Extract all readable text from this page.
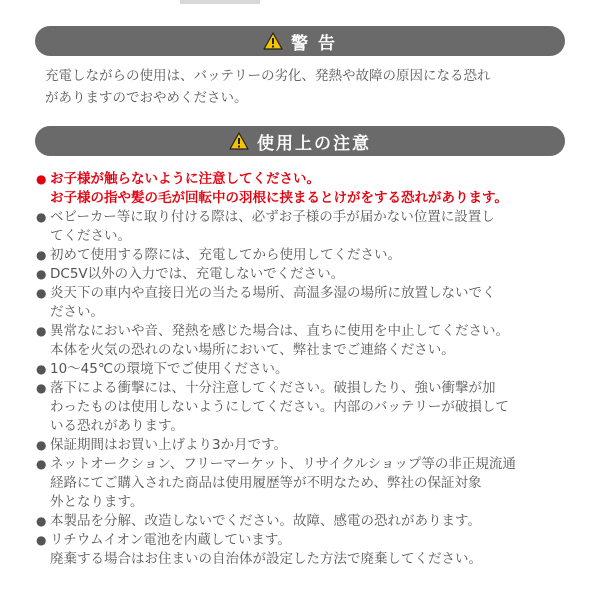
警 告
充電しながらの使用は、バッテリーの劣化、発熱や故障の原因になる恐れ
がありますのでおやめください。
使用上の注意
● お子様が触らないように注意してください。
お子様の指や髪の毛が回転中の羽根に挟まるとけがをする恐れがあります。
● ベビーカー等に取り付ける際は、必ずお子様の手が届かない位置に設置し
てください。
● 初めて使用する際には、充電してから使用してください。
● DC5V以外の入力では、充電しないでください。
● 炎天下の車内や直接日光の当たる場所、高温多湿の場所に放置しないでく
ださい。
● 異常なにおいや音、発熱を感じた場合は、直ちに使用を中止してください。
本体を火気の恐れのない場所において、弊社までご連絡ください。
● 10～45℃の環境下でご使用ください。
● 落下による衝撃には、十分注意してください。破損したり、強い衝撃が加
わったものは使用しないようにしてください。内部のバッテリーが破損して
いる恐れがあります。
● 保証期間はお買い上げより3か月です。
● ネットオークション、フリーマーケット、リサイクルショップ等の非正規流通
経路にてご購入された商品は使用履歴等が不明なため、弊社の保証対象
外となります。
● 本製品を分解、改造しないでください。故障、感電の恐れがあります。
● リチウムイオン電池を内蔵しています。
廃棄する場合はお住まいの自治体が設定した方法で廃棄してください。
